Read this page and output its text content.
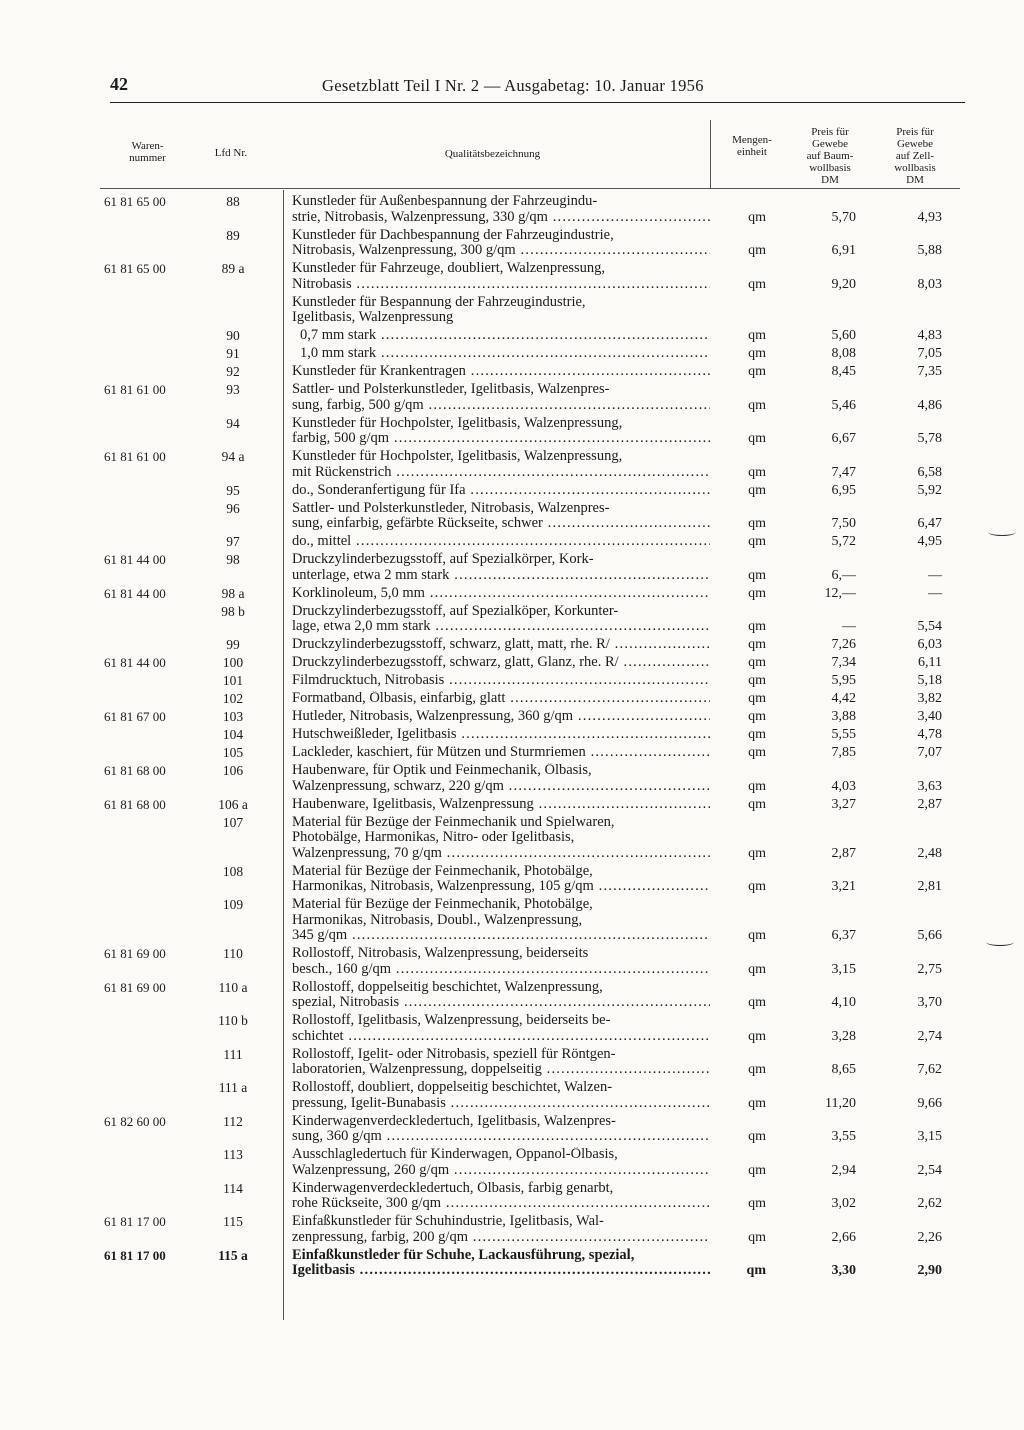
42	Gesetzblatt Teil I Nr. 2 — Ausgabetag: 10. Januar 1956
Waren-
nummer	Lfd Nr.	Qualitätsbezeichnung
Mengen-
einheit
Preis für
Gewebe
auf Baum-
wollbasis
DM
Preis für
Gewebe
auf Zell-
wollbasis
DM
61 81 65 00	88	Kunstleder für Außenbespannung der Fahrzeugindu-
strie, Nitrobasis, Walzenpressung, 330 g/qm .....	qm	5,70	4,93
89	Kunstleder für Dachbespannung der Fahrzeugindustrie,
Nitrobasis, Walzenpressung, 300 g/qm .....	qm	6,91	5,88
61 81 65 00	89 a	Kunstleder für Fahrzeuge, doubliert, Walzenpressung,
Nitrobasis .....	qm	9,20	8,03
Kunstleder für Bespannung der Fahrzeugindustrie,
Igelitbasis, Walzenpressung
90	0,7 mm stark .....	qm	5,60	4,83
91	1,0 mm stark .....	qm	8,08	7,05
92	Kunstleder für Krankentragen .....	qm	8,45	7,35
61 81 61 00	93	Sattler- und Polsterkunstleder, Igelitbasis, Walzenpres-
sung, farbig, 500 g/qm .....	qm	5,46	4,86
94	Kunstleder für Hochpolster, Igelitbasis, Walzenpressung,
farbig, 500 g/qm .....	qm	6,67	5,78
61 81 61 00	94 a	Kunstleder für Hochpolster, Igelitbasis, Walzenpressung,
mit Rückenstrich .....	qm	7,47	6,58
95	do., Sonderanfertigung für Ifa .....	qm	6,95	5,92
96	Sattler- und Polsterkunstleder, Nitrobasis, Walzenpres-
sung, einfarbig, gefärbte Rückseite, schwer .....	qm	7,50	6,47
97	do., mittel .....	qm	5,72	4,95
61 81 44 00	98	Druckzylinderbezugsstoff, auf Spezialkörper, Kork-
unterlage, etwa 2 mm stark .....	qm	6,—	—
61 81 44 00	98 a	Korklinoleum, 5,0 mm .....	qm	12,—	—
98 b	Druckzylinderbezugsstoff, auf Spezialköper, Korkunter-
lage, etwa 2,0 mm stark .....	qm	—	5,54
99	Druckzylinderbezugsstoff, schwarz, glatt, matt, rhe. R/ .....	qm	7,26	6,03
61 81 44 00	100	Druckzylinderbezugsstoff, schwarz, glatt, Glanz, rhe. R/ .....	qm	7,34	6,11
101	Filmdrucktuch, Nitrobasis .....	qm	5,95	5,18
102	Formatband, Ölbasis, einfarbig, glatt .....	qm	4,42	3,82
61 81 67 00	103	Hutleder, Nitrobasis, Walzenpressung, 360 g/qm .....	qm	3,88	3,40
104	Hutschweißleder, Igelitbasis .....	qm	5,55	4,78
105	Lackleder, kaschiert, für Mützen und Sturmriemen .....	qm	7,85	7,07
61 81 68 00	106	Haubenware, für Optik und Feinmechanik, Ölbasis,
Walzenpressung, schwarz, 220 g/qm .....	qm	4,03	3,63
61 81 68 00	106 a	Haubenware, Igelitbasis, Walzenpressung .....	qm	3,27	2,87
107	Material für Bezüge der Feinmechanik und Spielwaren,
Photobälge, Harmonikas, Nitro- oder Igelitbasis,
Walzenpressung, 70 g/qm .....	qm	2,87	2,48
108	Material für Bezüge der Feinmechanik, Photobälge,
Harmonikas, Nitrobasis, Walzenpressung, 105 g/qm .....	qm	3,21	2,81
109	Material für Bezüge der Feinmechanik, Photobälge,
Harmonikas, Nitrobasis, Doubl., Walzenpressung,
345 g/qm .....	qm	6,37	5,66
61 81 69 00	110	Rollostoff, Nitrobasis, Walzenpressung, beiderseits
besch., 160 g/qm .....	qm	3,15	2,75
61 81 69 00	110 a	Rollostoff, doppelseitig beschichtet, Walzenpressung,
spezial, Nitrobasis .....	qm	4,10	3,70
110 b	Rollostoff, Igelitbasis, Walzenpressung, beiderseits be-
schichtet .....	qm	3,28	2,74
111	Rollostoff, Igelit- oder Nitrobasis, speziell für Röntgen-
laboratorien, Walzenpressung, doppelseitig .....	qm	8,65	7,62
111 a	Rollostoff, doubliert, doppelseitig beschichtet, Walzen-
pressung, Igelit-Bunabasis .....	qm	11,20	9,66
61 82 60 00	112	Kinderwagenverdeckledertuch, Igelitbasis, Walzenpres-
sung, 360 g/qm .....	qm	3,55	3,15
113	Ausschlagledertuch für Kinderwagen, Oppanol-Ölbasis,
Walzenpressung, 260 g/qm .....	qm	2,94	2,54
114	Kinderwagenverdeckledertuch, Ölbasis, farbig genarbt,
rohe Rückseite, 300 g/qm .....	qm	3,02	2,62
61 81 17 00	115	Einfaßkunstleder für Schuhindustrie, Igelitbasis, Wal-
zenpressung, farbig, 200 g/qm .....	qm	2,66	2,26
61 81 17 00	115 a	Einfaßkunstleder für Schuhe, Lackausführung, spezial,
Igelitbasis .....	qm	3,30	2,90
